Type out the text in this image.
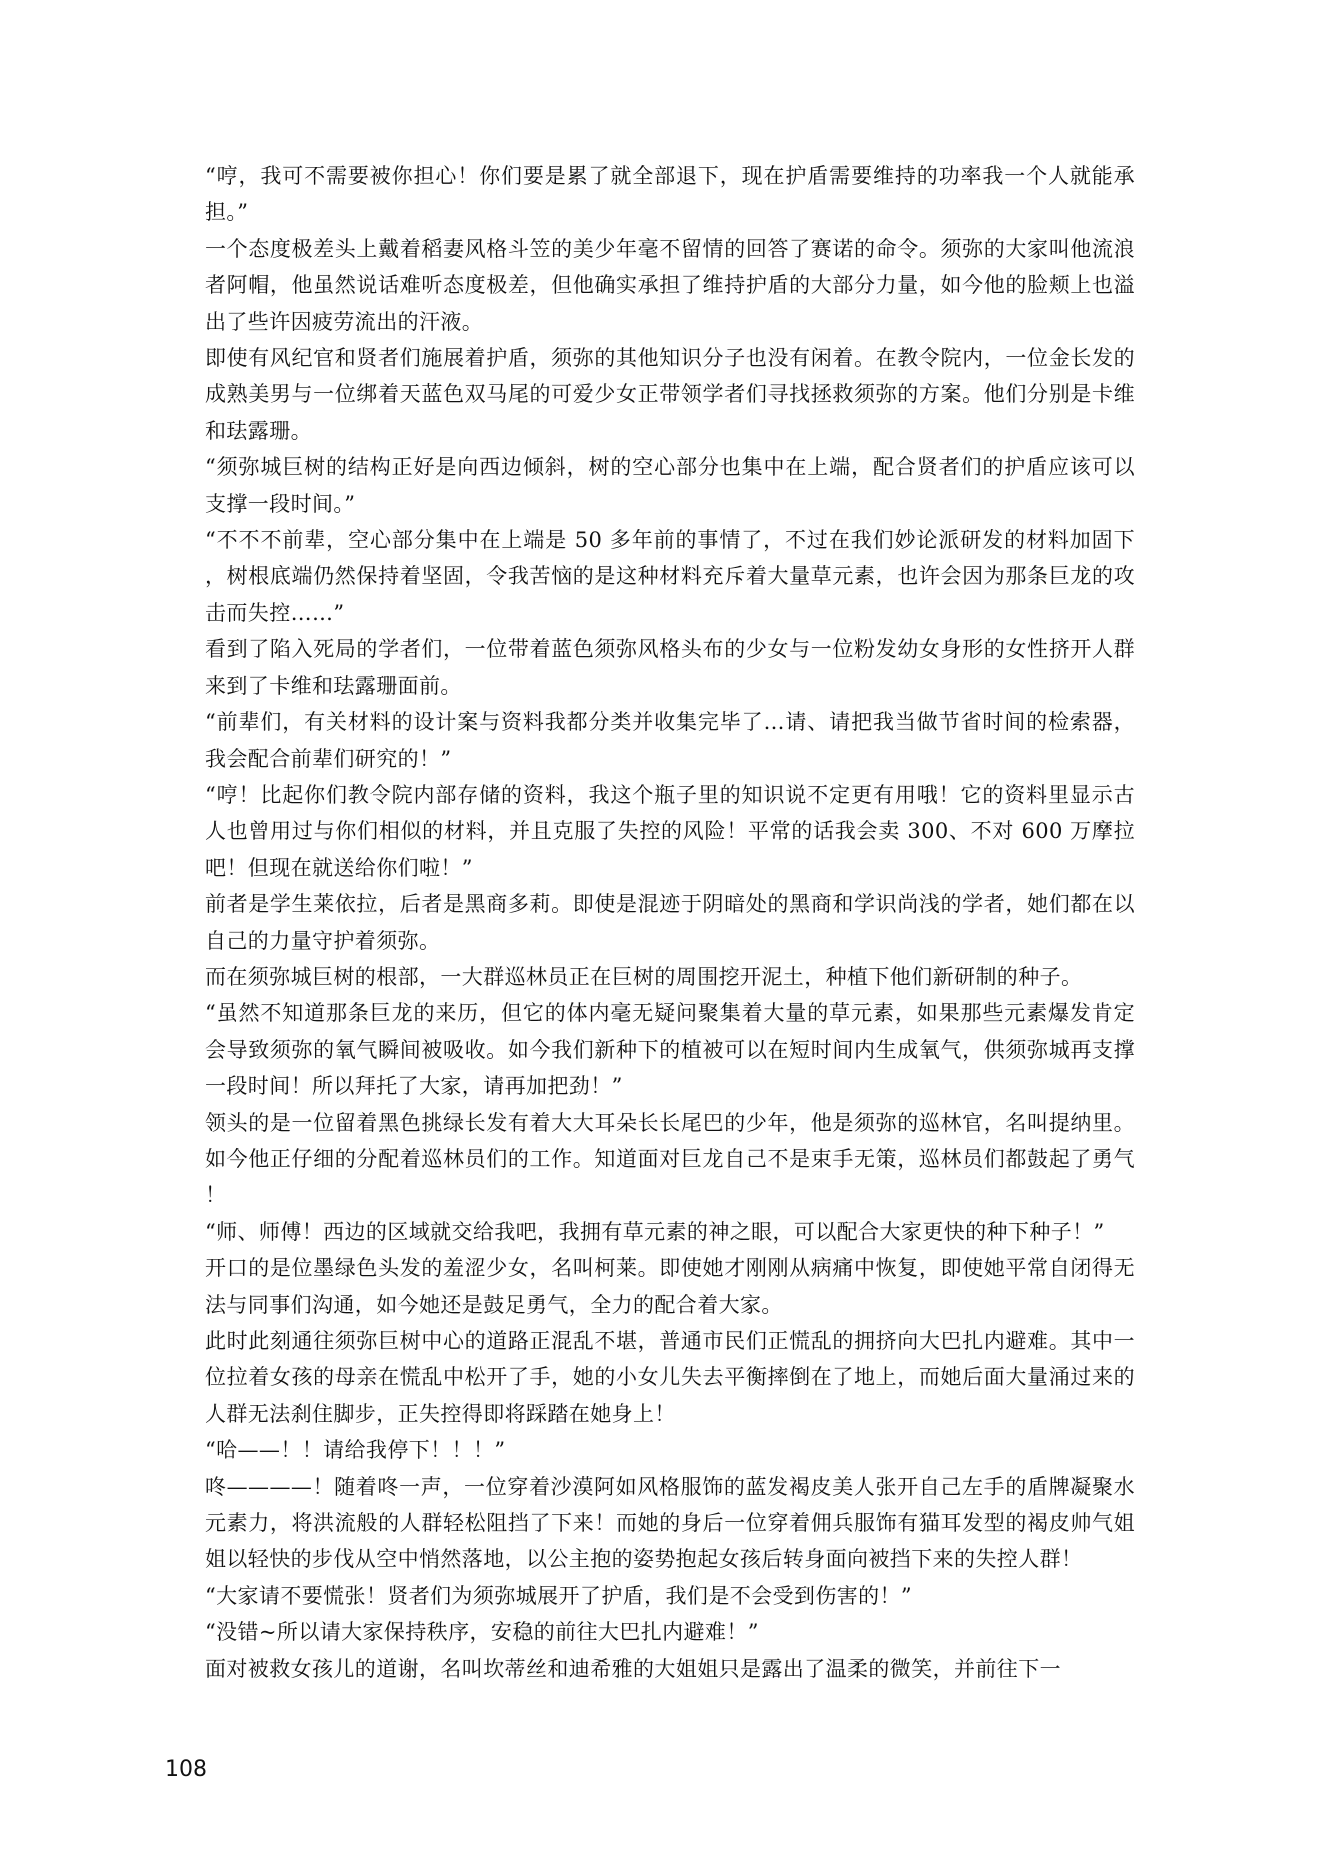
“哼，我可不需要被你担心！你们要是累了就全部退下，现在护盾需要维持的功率我一个人就能承担。”

一个态度极差头上戴着稻妻风格斗笠的美少年毫不留情的回答了赛诺的命令。须弥的大家叫他流浪者阿帽，他虽然说话难听态度极差，但他确实承担了维持护盾的大部分力量，如今他的脸颊上也溢出了些许因疲劳流出的汗液。

即使有风纪官和贤者们施展着护盾，须弥的其他知识分子也没有闲着。在教令院内，一位金长发的成熟美男与一位绑着天蓝色双马尾的可爱少女正带领学者们寻找拯救须弥的方案。他们分别是卡维和珐露珊。

“须弥城巨树的结构正好是向西边倾斜，树的空心部分也集中在上端，配合贤者们的护盾应该可以支撑一段时间。”

“不不不前辈，空心部分集中在上端是 50 多年前的事情了，不过在我们妙论派研发的材料加固下，树根底端仍然保持着坚固，令我苦恼的是这种材料充斥着大量草元素，也许会因为那条巨龙的攻击而失控……”

看到了陷入死局的学者们，一位带着蓝色须弥风格头布的少女与一位粉发幼女身形的女性挤开人群来到了卡维和珐露珊面前。

“前辈们，有关材料的设计案与资料我都分类并收集完毕了…请、请把我当做节省时间的检索器，我会配合前辈们研究的！”

“哼！比起你们教令院内部存储的资料，我这个瓶子里的知识说不定更有用哦！它的资料里显示古人也曾用过与你们相似的材料，并且克服了失控的风险！平常的话我会卖 300、不对 600 万摩拉吧！但现在就送给你们啦！”

前者是学生莱依拉，后者是黑商多莉。即使是混迹于阴暗处的黑商和学识尚浅的学者，她们都在以自己的力量守护着须弥。

而在须弥城巨树的根部，一大群巡林员正在巨树的周围挖开泥土，种植下他们新研制的种子。

“虽然不知道那条巨龙的来历，但它的体内毫无疑问聚集着大量的草元素，如果那些元素爆发肯定会导致须弥的氧气瞬间被吸收。如今我们新种下的植被可以在短时间内生成氧气，供须弥城再支撑一段时间！所以拜托了大家，请再加把劲！”

领头的是一位留着黑色挑绿长发有着大大耳朵长长尾巴的少年，他是须弥的巡林官，名叫提纳里。如今他正仔细的分配着巡林员们的工作。知道面对巨龙自己不是束手无策，巡林员们都鼓起了勇气！

“师、师傅！西边的区域就交给我吧，我拥有草元素的神之眼，可以配合大家更快的种下种子！”

开口的是位墨绿色头发的羞涩少女，名叫柯莱。即使她才刚刚从病痛中恢复，即使她平常自闭得无法与同事们沟通，如今她还是鼓足勇气，全力的配合着大家。

此时此刻通往须弥巨树中心的道路正混乱不堪，普通市民们正慌乱的拥挤向大巴扎内避难。其中一位拉着女孩的母亲在慌乱中松开了手，她的小女儿失去平衡摔倒在了地上，而她后面大量涌过来的人群无法刹住脚步，正失控得即将踩踏在她身上！

“哈——！！请给我停下！！！”

咚————！随着咚一声，一位穿着沙漠阿如风格服饰的蓝发褐皮美人张开自己左手的盾牌凝聚水元素力，将洪流般的人群轻松阻挡了下来！而她的身后一位穿着佣兵服饰有猫耳发型的褐皮帅气姐姐以轻快的步伐从空中悄然落地，以公主抱的姿势抱起女孩后转身面向被挡下来的失控人群！

“大家请不要慌张！贤者们为须弥城展开了护盾，我们是不会受到伤害的！”

“没错~所以请大家保持秩序，安稳的前往大巴扎内避难！”

面对被救女孩儿的道谢，名叫坎蒂丝和迪希雅的大姐姐只是露出了温柔的微笑，并前往下一

108
